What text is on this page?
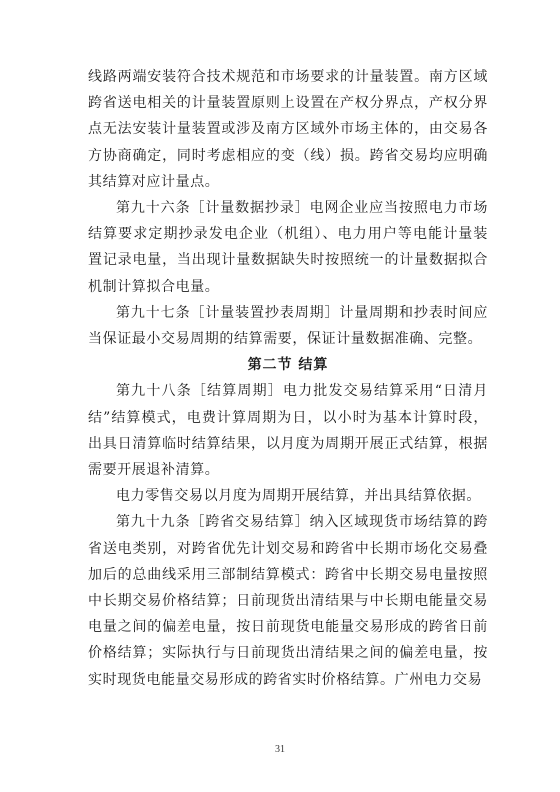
线路两端安装符合技术规范和市场要求的计量装置。南方区域跨省送电相关的计量装置原则上设置在产权分界点，产权分界点无法安装计量装置或涉及南方区域外市场主体的，由交易各方协商确定，同时考虑相应的变（线）损。跨省交易均应明确其结算对应计量点。

第九十六条［计量数据抄录］电网企业应当按照电力市场结算要求定期抄录发电企业（机组）、电力用户等电能计量装置记录电量，当出现计量数据缺失时按照统一的计量数据拟合机制计算拟合电量。

第九十七条［计量装置抄表周期］计量周期和抄表时间应当保证最小交易周期的结算需要，保证计量数据准确、完整。

第二节 结算

第九十八条［结算周期］电力批发交易结算采用“日清月结”结算模式，电费计算周期为日，以小时为基本计算时段，出具日清算临时结算结果，以月度为周期开展正式结算，根据需要开展退补清算。

电力零售交易以月度为周期开展结算，并出具结算依据。

第九十九条［跨省交易结算］纳入区域现货市场结算的跨省送电类别，对跨省优先计划交易和跨省中长期市场化交易叠加后的总曲线采用三部制结算模式：跨省中长期交易电量按照中长期交易价格结算；日前现货出清结果与中长期电能量交易电量之间的偏差电量，按日前现货电能量交易形成的跨省日前价格结算；实际执行与日前现货出清结果之间的偏差电量，按实时现货电能量交易形成的跨省实时价格结算。广州电力交易

31
